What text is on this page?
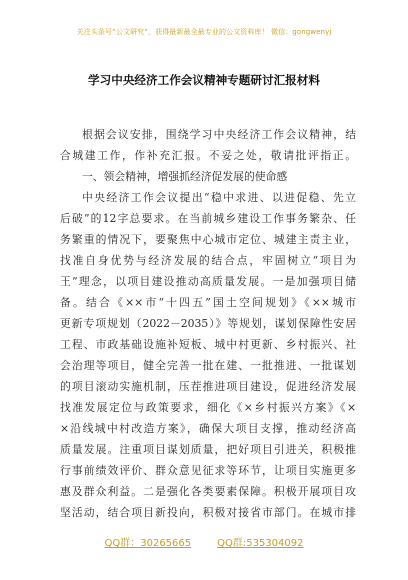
关注头条号“公文研究”，获得最新最全最专业的公文资料库！ 微信：gongwenyj
学习中央经济工作会议精神专题研讨汇报材料
根据会议安排，围绕学习中央经济工作会议精神，结
合城建工作，作补充汇报。不妥之处，敬请批评指正。
一、领会精神，增强抓经济促发展的使命感
中央经济工作会议提出“稳中求进、以进促稳、先立
后破”的12字总要求。在当前城乡建设工作事务繁杂、任
务繁重的情况下，要聚焦中心城市定位、城建主责主业，
找准自身优势与经济发展的结合点，牢固树立“项目为
王”理念，以项目建设推动高质量发展。一是加强项目储
备。结合《××市“十四五”国土空间规划》《××城市
更新专项规划（2022－2035）》等规划，谋划保障性安居
工程、市政基础设施补短板、城中村更新、乡村振兴、社
会治理等项目，健全完善一批在建、一批推进、一批谋划
的项目滚动实施机制，压茬推进项目建设，促进经济发展
找准发展定位与政策要求，细化《×乡村振兴方案》《×
×沿线城中村改造方案》，确保大项目支撑，推动经济高
质量发展。注重项目谋划质量，把好项目引进关，积极推
行事前绩效评价、群众意见征求等环节，让项目实施更多
惠及群众利益。二是强化各类要素保障。积极开展项目攻
坚活动，结合项目新投向，积极对接省市部门。在城市排
QQ群：30265665	QQ群:535304092
